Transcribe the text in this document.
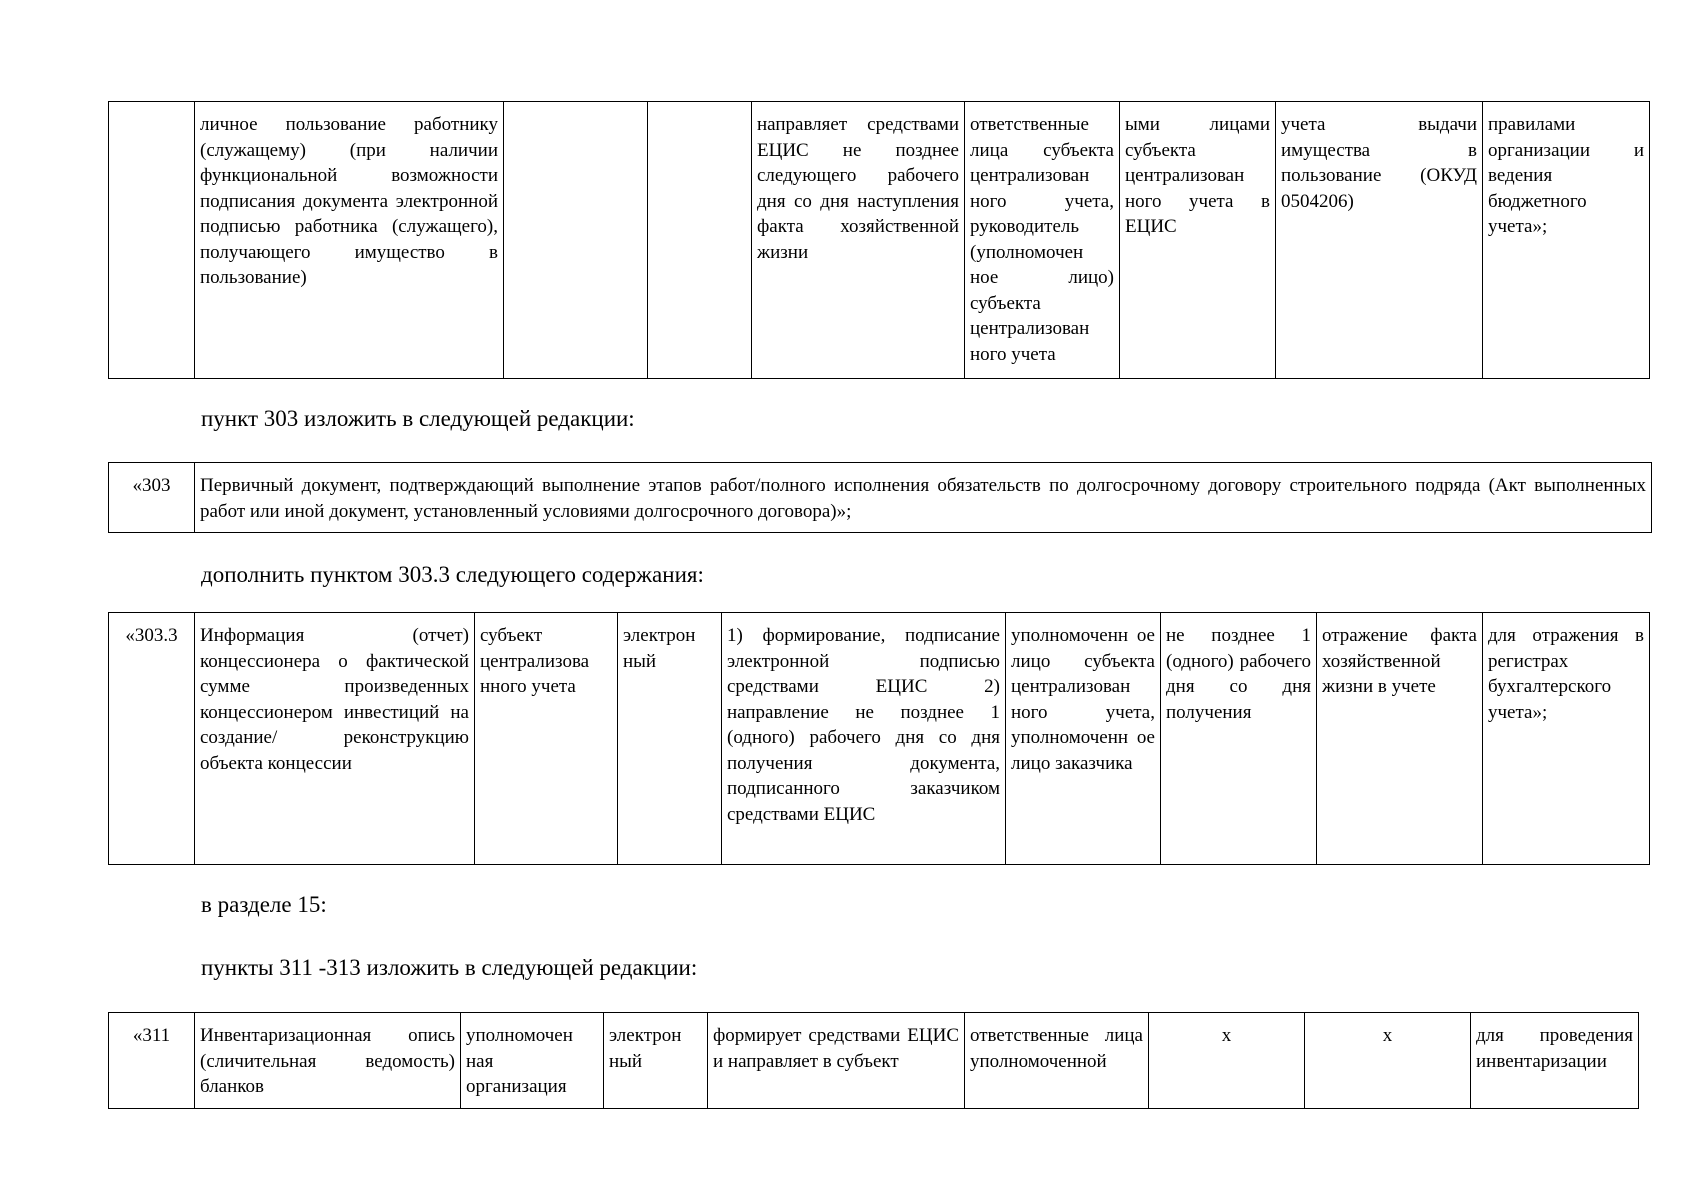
	личное пользование работнику (служащему) (при наличии функциональной возможности подписания документа электронной подписью работника (служащего), получающего имущество в пользование)			направляет средствами ЕЦИС не позднее следующего рабочего дня со дня наступления факта хозяйственной жизни	ответственные лица субъекта централизован ного учета, руководитель (уполномочен ное лицо) субъекта централизован ного учета	ыми лицами субъекта централизован ного учета в ЕЦИС	учета выдачи имущества в пользование (ОКУД 0504206)	правилами организации и ведения бюджетного учета»;
пункт 303 изложить в следующей редакции:
«303	Первичный документ, подтверждающий выполнение этапов работ/полного исполнения обязательств по долгосрочному договору строительного подряда (Акт выполненных работ или иной документ, установленный условиями долгосрочного договора)»;
дополнить пунктом 303.3 следующего содержания:
«303.3	Информация (отчет) концессионера о фактической сумме произведенных концессионером инвестиций на создание/ реконструкцию объекта концессии	субъект централизова нного учета	электрон ный	1) формирование, подписание электронной подписью средствами ЕЦИС 2) направление не позднее 1 (одного) рабочего дня со дня получения документа, подписанного заказчиком средствами ЕЦИС	уполномоченн ое лицо субъекта централизован ного учета, уполномоченн ое лицо заказчика	не позднее 1 (одного) рабочего дня со дня получения	отражение факта хозяйственной жизни в учете	для отражения в регистрах бухгалтерского учета»;
в разделе 15:
пункты 311 -313 изложить в следующей редакции:
«311	Инвентаризационная опись (сличительная ведомость) бланков	уполномочен ная организация	электрон ный	формирует средствами ЕЦИС и направляет в субъект	ответственные лица уполномоченной	х	х	для проведения инвентаризации
